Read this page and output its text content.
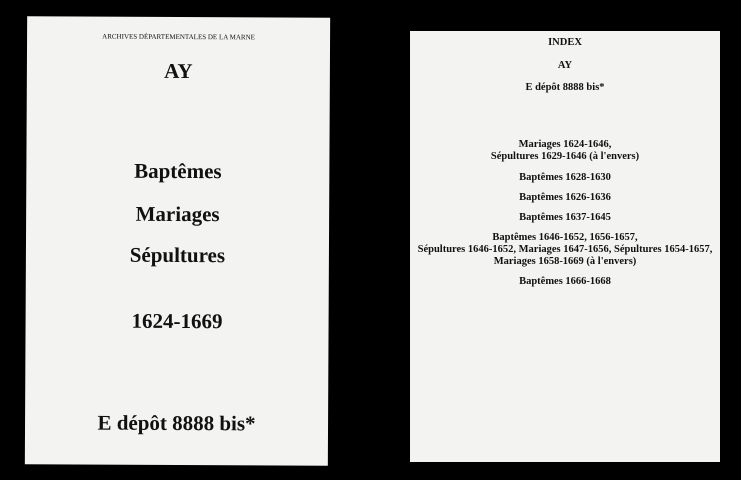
ARCHIVES DÉPARTEMENTALES DE LA MARNE
AY
Baptêmes
Mariages
Sépultures
1624-1669
E dépôt 8888 bis*
INDEX
AY
E dépôt 8888 bis*
Mariages 1624-1646,
Sépultures 1629-1646 (à l'envers)
Baptêmes 1628-1630
Baptêmes 1626-1636
Baptêmes 1637-1645
Baptêmes 1646-1652, 1656-1657,
Sépultures 1646-1652, Mariages 1647-1656, Sépultures 1654-1657,
Mariages 1658-1669 (à l'envers)
Baptêmes 1666-1668
